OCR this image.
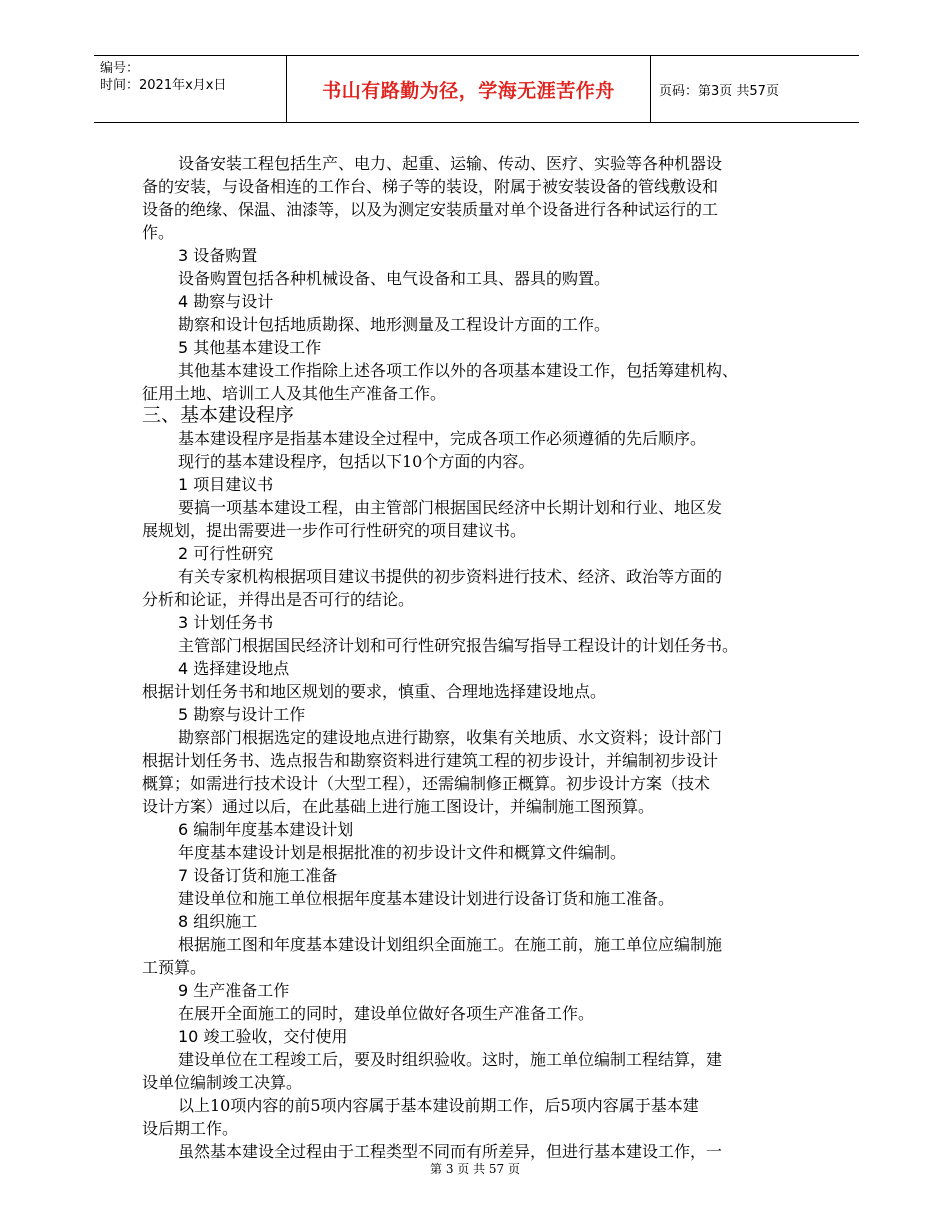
编号：
时间：2021年x月x日	书山有路勤为径，学海无涯苦作舟	页码：第3页 共57页
设备安装工程包括生产、电力、起重、运输、传动、医疗、实验等各种机器设
备的安装，与设备相连的工作台、梯子等的装设，附属于被安装设备的管线敷设和
设备的绝缘、保温、油漆等，以及为测定安装质量对单个设备进行各种试运行的工
作。
3 设备购置
设备购置包括各种机械设备、电气设备和工具、器具的购置。
4 勘察与设计
勘察和设计包括地质勘探、地形测量及工程设计方面的工作。
5 其他基本建设工作
其他基本建设工作指除上述各项工作以外的各项基本建设工作，包括筹建机构、
征用土地、培训工人及其他生产准备工作。
三、基本建设程序
基本建设程序是指基本建设全过程中，完成各项工作必须遵循的先后顺序。
现行的基本建设程序，包括以下10个方面的内容。
1 项目建议书
要搞一项基本建设工程，由主管部门根据国民经济中长期计划和行业、地区发
展规划，提出需要进一步作可行性研究的项目建议书。
2 可行性研究
有关专家机构根据项目建议书提供的初步资料进行技术、经济、政治等方面的
分析和论证，并得出是否可行的结论。
3 计划任务书
主管部门根据国民经济计划和可行性研究报告编写指导工程设计的计划任务书。
4 选择建设地点
根据计划任务书和地区规划的要求，慎重、合理地选择建设地点。
5 勘察与设计工作
勘察部门根据选定的建设地点进行勘察，收集有关地质、水文资料；设计部门
根据计划任务书、选点报告和勘察资料进行建筑工程的初步设计，并编制初步设计
概算；如需进行技术设计（大型工程），还需编制修正概算。初步设计方案（技术
设计方案）通过以后，在此基础上进行施工图设计，并编制施工图预算。
6 编制年度基本建设计划
年度基本建设计划是根据批准的初步设计文件和概算文件编制。
7 设备订货和施工准备
建设单位和施工单位根据年度基本建设计划进行设备订货和施工准备。
8 组织施工
根据施工图和年度基本建设计划组织全面施工。在施工前，施工单位应编制施
工预算。
9 生产准备工作
在展开全面施工的同时，建设单位做好各项生产准备工作。
10 竣工验收，交付使用
建设单位在工程竣工后，要及时组织验收。这时，施工单位编制工程结算，建
设单位编制竣工决算。
以上10项内容的前5项内容属于基本建设前期工作，后5项内容属于基本建
设后期工作。
虽然基本建设全过程由于工程类型不同而有所差异，但进行基本建设工作，一
第 3 页 共 57 页
